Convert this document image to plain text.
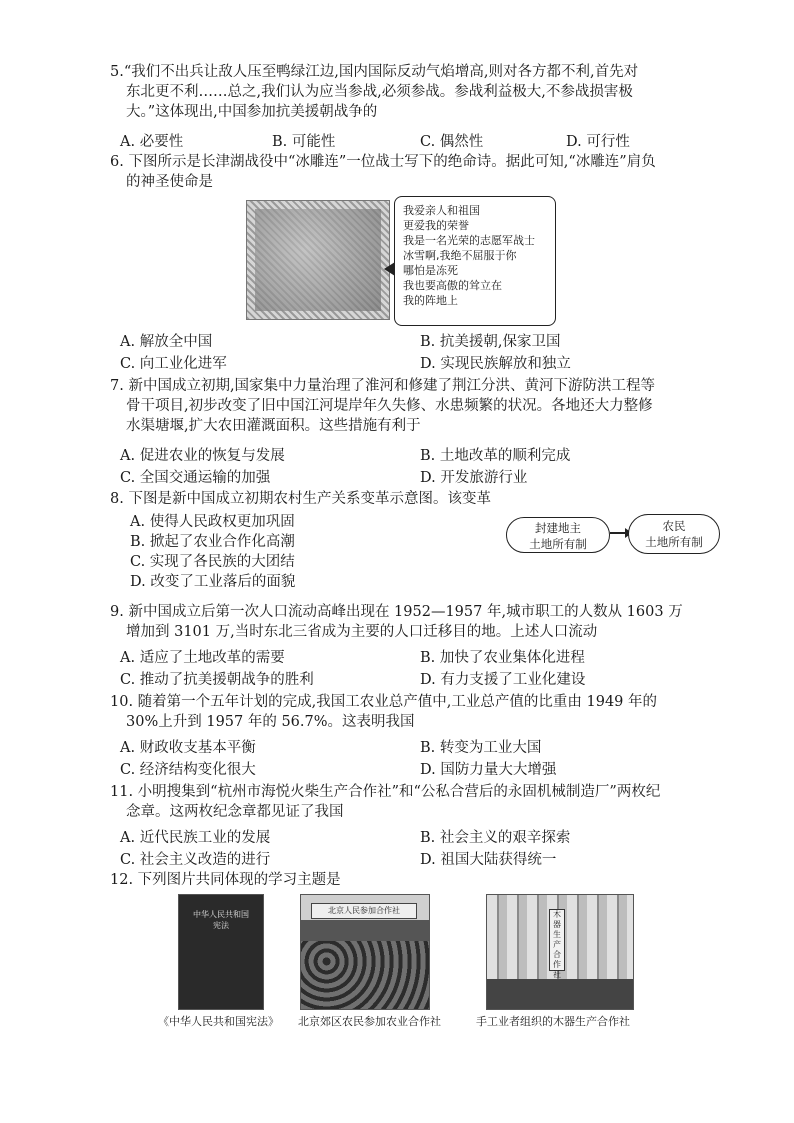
5.“我们不出兵让敌人压至鸭绿江边,国内国际反动气焰增高,则对各方都不利,首先对
东北更不利……总之,我们认为应当参战,必须参战。参战利益极大,不参战损害极
大。”这体现出,中国参加抗美援朝战争的
A. 必要性	B. 可能性	C. 偶然性	D. 可行性
6. 下图所示是长津湖战役中“冰雕连”一位战士写下的绝命诗。据此可知,“冰雕连”肩负
的神圣使命是
我爱亲人和祖国
更爱我的荣誉
我是一名光荣的志愿军战士
冰雪啊,我绝不屈服于你
哪怕是冻死
我也要高傲的耸立在
我的阵地上
A. 解放全中国	B. 抗美援朝,保家卫国
C. 向工业化进军	D. 实现民族解放和独立
7. 新中国成立初期,国家集中力量治理了淮河和修建了荆江分洪、黄河下游防洪工程等
骨干项目,初步改变了旧中国江河堤岸年久失修、水患频繁的状况。各地还大力整修
水渠塘堰,扩大农田灌溉面积。这些措施有利于
A. 促进农业的恢复与发展	B. 土地改革的顺利完成
C. 全国交通运输的加强	D. 开发旅游行业
8. 下图是新中国成立初期农村生产关系变革示意图。该变革
A. 使得人民政权更加巩固
B. 掀起了农业合作化高潮
C. 实现了各民族的大团结
D. 改变了工业落后的面貌
封建地主
土地所有制
农民
土地所有制
9. 新中国成立后第一次人口流动高峰出现在 1952—1957 年,城市职工的人数从 1603 万
增加到 3101 万,当时东北三省成为主要的人口迁移目的地。上述人口流动
A. 适应了土地改革的需要	B. 加快了农业集体化进程
C. 推动了抗美援朝战争的胜利	D. 有力支援了工业化建设
10. 随着第一个五年计划的完成,我国工农业总产值中,工业总产值的比重由 1949 年的
30%上升到 1957 年的 56.7%。这表明我国
A. 财政收支基本平衡	B. 转变为工业大国
C. 经济结构变化很大	D. 国防力量大大增强
11. 小明搜集到“杭州市海悦火柴生产合作社”和“公私合营后的永固机械制造厂”两枚纪
念章。这两枚纪念章都见证了我国
A. 近代民族工业的发展	B. 社会主义的艰辛探索
C. 社会主义改造的进行	D. 祖国大陆获得统一
12. 下列图片共同体现的学习主题是
中华人民共和国
宪法
北京人民参加合作社	木器生产合作社
《中华人民共和国宪法》 北京郊区农民参加农业合作社	手工业者组织的木器生产合作社
